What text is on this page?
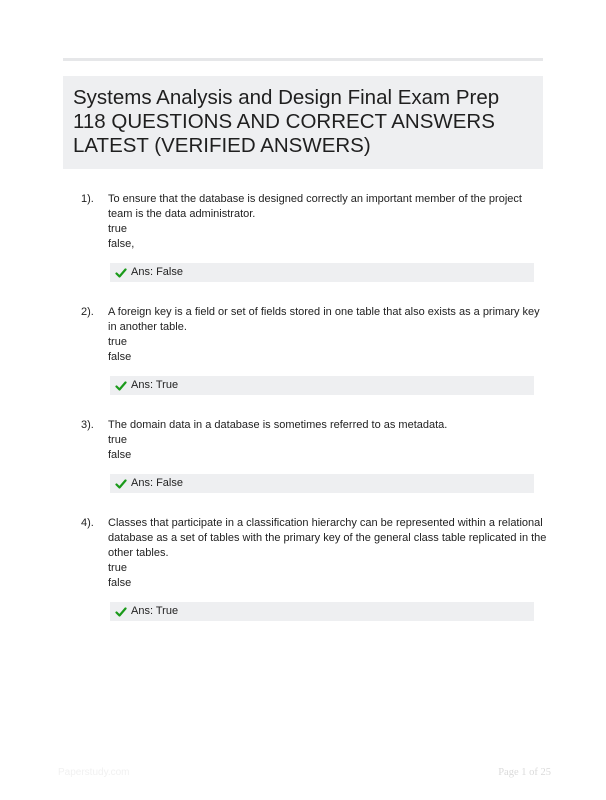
Systems Analysis and Design Final Exam Prep
118 QUESTIONS AND CORRECT ANSWERS
LATEST (VERIFIED ANSWERS)
1). To ensure that the database is designed correctly an important member of the project
team is the data administrator.
true
false,
Ans: False
2). A foreign key is a field or set of fields stored in one table that also exists as a primary key
in another table.
true
false
Ans: True
3). The domain data in a database is sometimes referred to as metadata.
true
false
Ans: False
4). Classes that participate in a classification hierarchy can be represented within a relational
database as a set of tables with the primary key of the general class table replicated in the
other tables.
true
false
Ans: True
Paperstudy.com	Page 1 of 25
